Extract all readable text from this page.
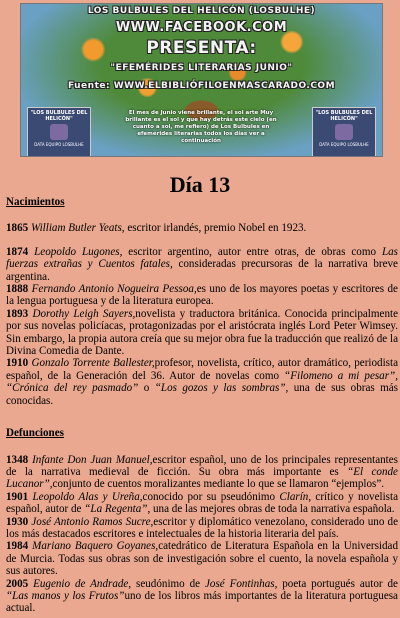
LOS BULBULES DEL HELICÓN (LOSBULHE)
WWW.FACEBOOK.COM
PRESENTA:
"EFEMÉRIDES LITERARIAS JUNIO"
Fuente: WWW.ELBIBLIÓFILOENMASCARADO.COM
"LOS BULBULES DEL HELICÓN"
DATA EQUIPO LOSBULHE
El mes de Junio viene brillante, el sol arte Muy brillante es el sol y que hay detrás este cielo (en cuanto a sol, me refiero) de Los Bulbules en efemérides literarias todos los días ver a continuación
"LOS BULBULES DEL HELICÓN"
DATA EQUIPO LOSBULHE
Día 13

Nacimientos

1865 William Butler Yeats, escritor irlandés, premio Nobel en 1923.

1874 Leopoldo Lugones, escritor argentino, autor entre otras, de obras como Las fuerzas extrañas y Cuentos fatales, consideradas precursoras de la narrativa breve argentina.

1888 Fernando Antonio Nogueira Pessoa,es uno de los mayores poetas y escritores de la lengua portuguesa y de la literatura europea.

1893 Dorothy Leigh Sayers,novelista y traductora británica. Conocida principalmente por sus novelas policíacas, protagonizadas por el aristócrata inglés Lord Peter Wimsey. Sin embargo, la propia autora creía que su mejor obra fue la traducción que realizó de la Divina Comedia de Dante.

1910 Gonzalo Torrente Ballester,profesor, novelista, crítico, autor dramático, periodista español, de la Generación del 36. Autor de novelas como “Filomeno a mi pesar”, “Crónica del rey pasmado” o “Los gozos y las sombras”, una de sus obras más conocidas.

Defunciones

1348 Infante Don Juan Manuel,escritor español, uno de los principales representantes de la narrativa medieval de ficción. Su obra más importante es “El conde Lucanor”,conjunto de cuentos moralizantes mediante lo que se llamaron “ejemplos”.

1901 Leopoldo Alas y Ureña,conocido por su pseudónimo Clarín, crítico y novelista español, autor de “La Regenta”, una de las mejores obras de toda la narrativa española.

1930 José Antonio Ramos Sucre,escritor y diplomático venezolano, considerado uno de los más destacados escritores e intelectuales de la historia literaria del país.

1984 Mariano Baquero Goyanes,catedrático de Literatura Española en la Universidad de Murcia. Todas sus obras son de investigación sobre el cuento, la novela española y sus autores.

2005 Eugenio de Andrade, seudónimo de José Fontinhas, poeta portugués autor de “Las manos y los Frutos”uno de los libros más importantes de la literatura portuguesa actual.
